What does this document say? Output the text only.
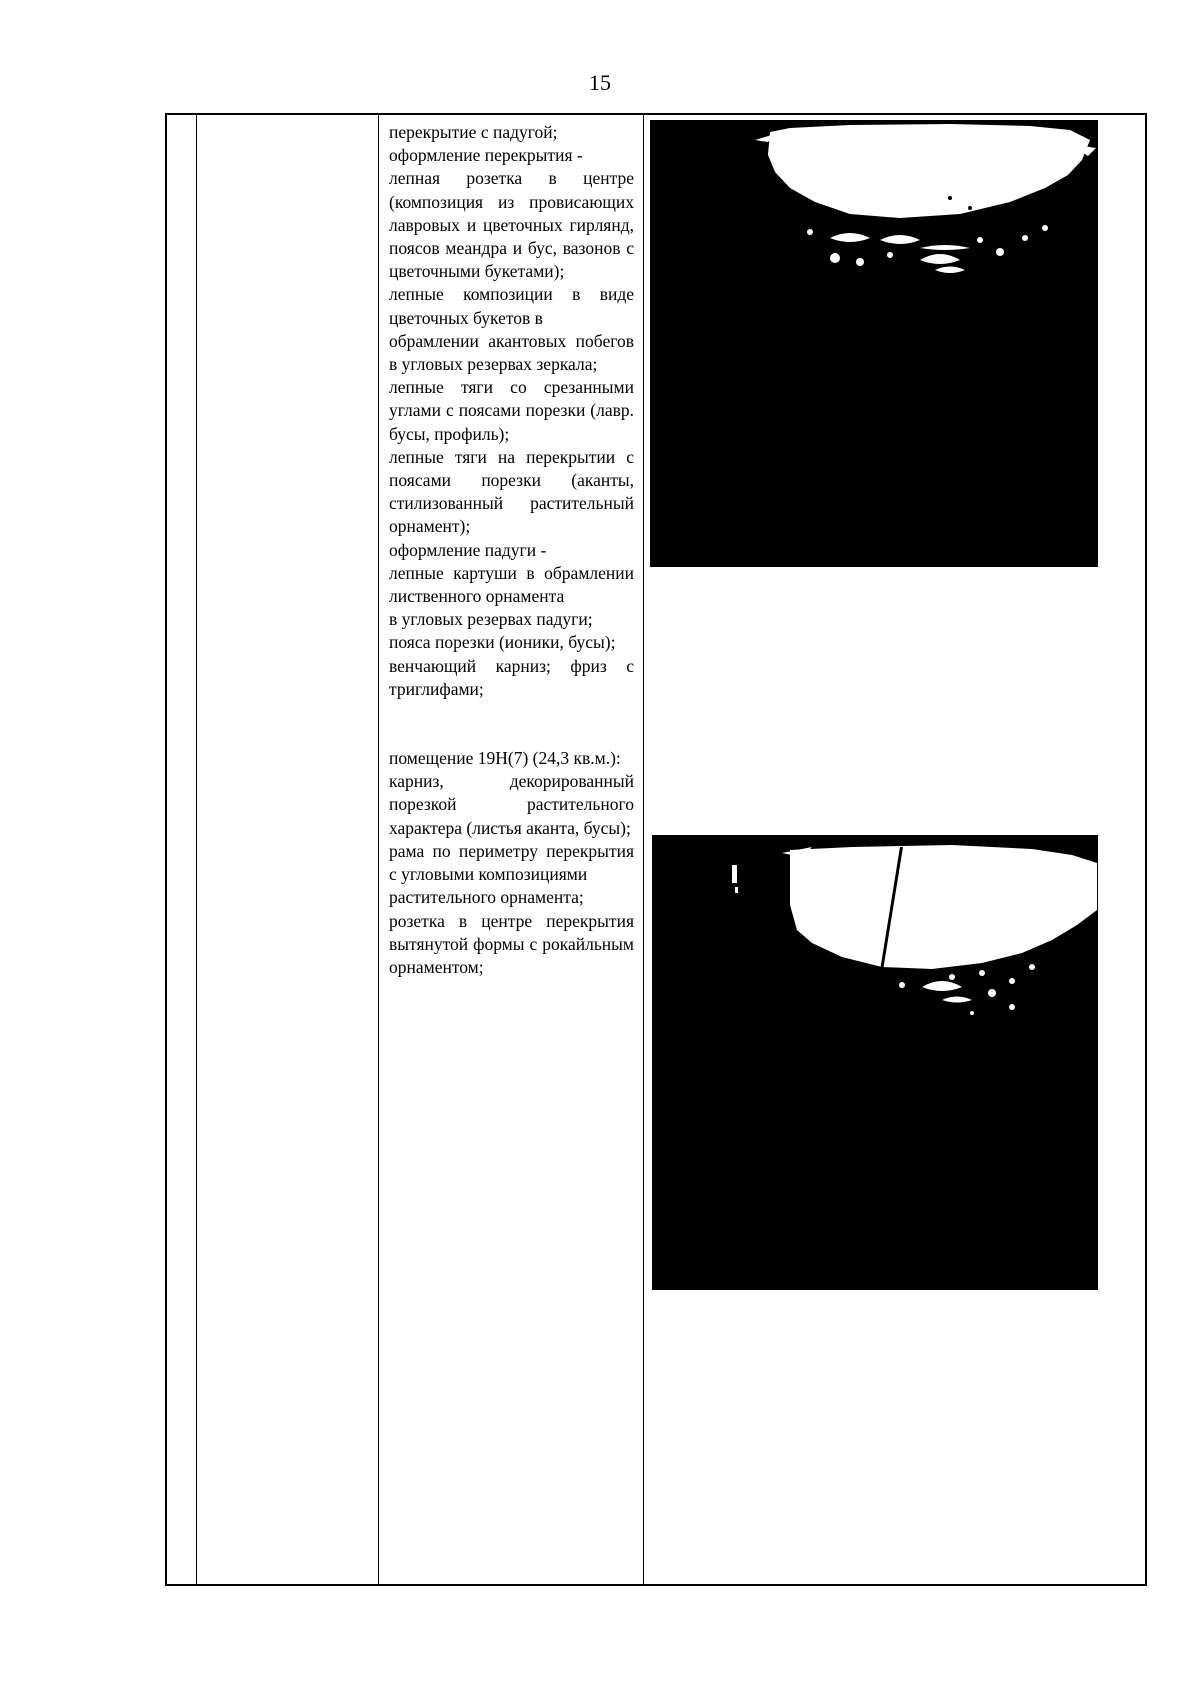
15

перекрытие с падугой;

оформление перекрытия -

лепная розетка в центре (композиция из провисающих лавровых и цветочных гирлянд, поясов меандра и бус, вазонов с цветочными букетами);

лепные композиции в виде цветочных букетов в

обрамлении акантовых побегов в угловых резервах зеркала;

лепные тяги со срезанными углами с поясами порезки (лавр. бусы, профиль);

лепные тяги на перекрытии с поясами порезки (аканты, стилизованный растительный орнамент);

оформление падуги -

лепные картуши в обрамлении лиственного орнамента

в угловых резервах падуги;

пояса порезки (ионики, бусы);

венчающий карниз; фриз с триглифами;

помещение 19Н(7) (24,3 кв.м.):

карниз, декорированный порезкой растительного характера (листья аканта, бусы);

рама по периметру перекрытия с угловыми композициями

растительного орнамента;

розетка в центре перекрытия вытянутой формы с рокайльным орнаментом;
